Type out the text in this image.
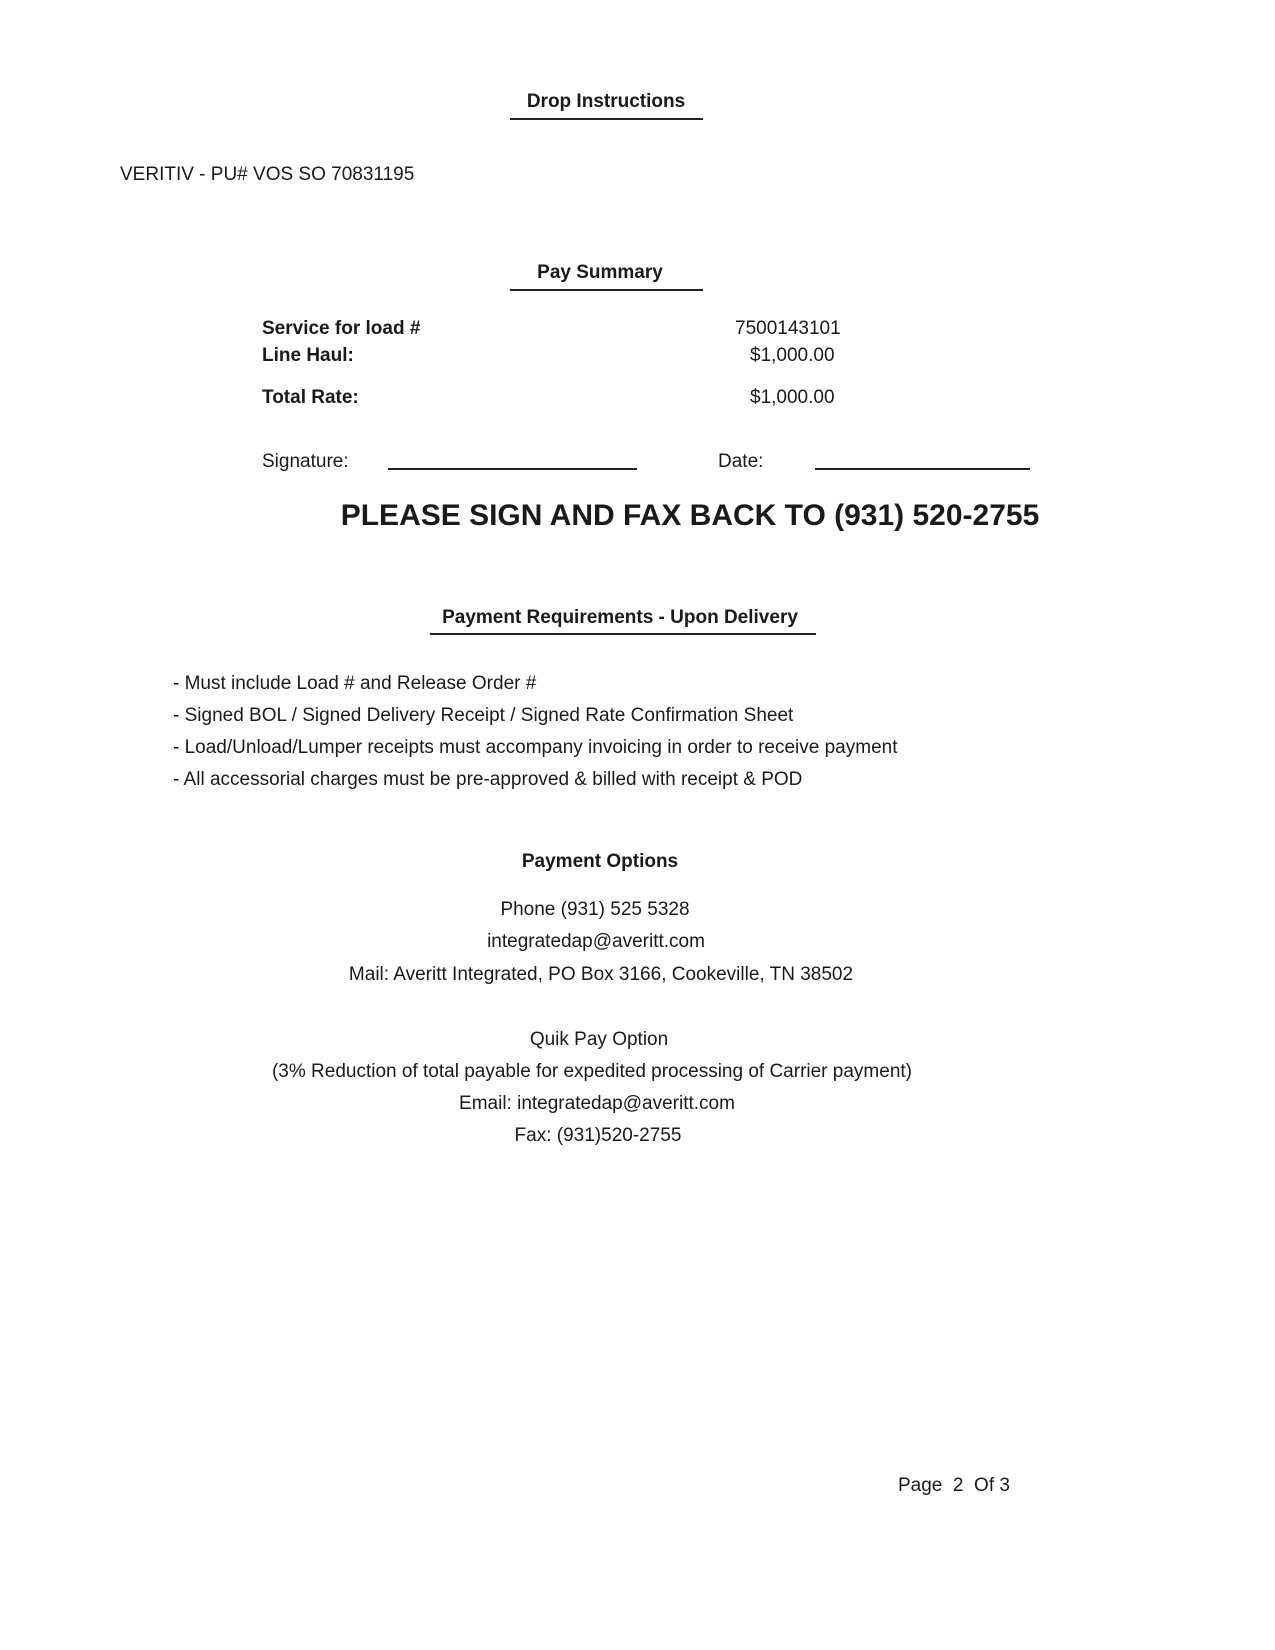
Drop Instructions
VERITIV - PU# VOS SO 70831195
Pay Summary
Service for load #	7500143101
Line Haul:	$1,000.00
Total Rate:	$1,000.00
Signature:	Date:
PLEASE SIGN AND FAX BACK TO (931) 520-2755
Payment Requirements - Upon Delivery
- Must include Load # and Release Order #
- Signed BOL / Signed Delivery Receipt / Signed Rate Confirmation Sheet
- Load/Unload/Lumper receipts must accompany invoicing in order to receive payment
- All accessorial charges must be pre-approved & billed with receipt & POD
Payment Options
Phone (931) 525 5328
integratedap@averitt.com
Mail: Averitt Integrated, PO Box 3166, Cookeville, TN 38502
Quik Pay Option
(3% Reduction of total payable for expedited processing of Carrier payment)
Email: integratedap@averitt.com
Fax: (931)520-2755
Page  2  Of 3
